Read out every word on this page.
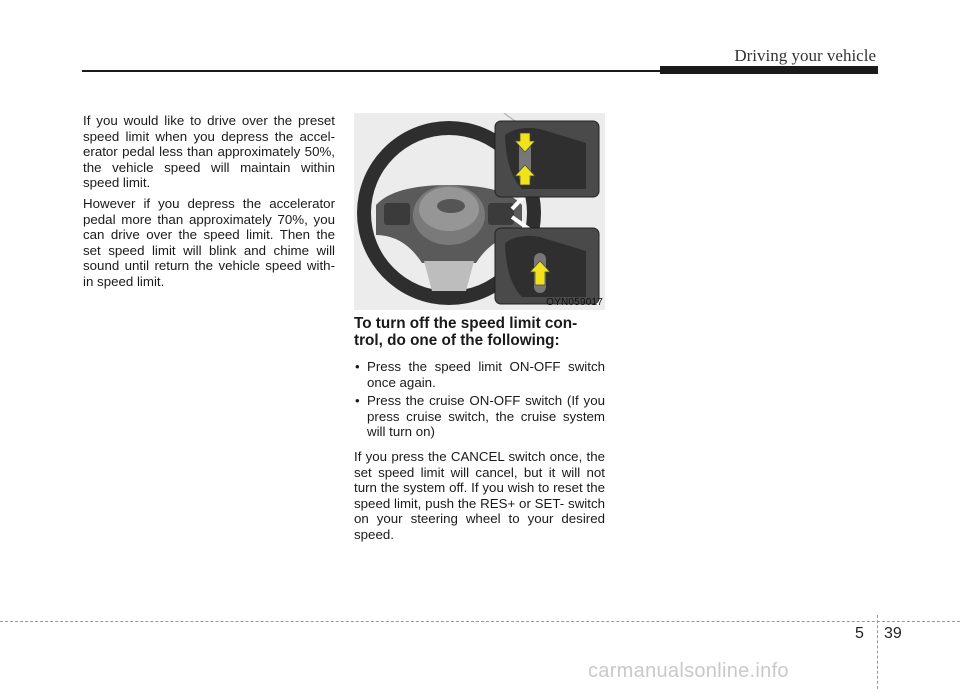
Driving your vehicle

If you would like to drive over the preset speed limit when you depress the accel-erator pedal less than approximately 50%, the vehicle speed will maintain within speed limit.

However if you depress the accelerator pedal more than approximately 70%, you can drive over the speed limit. Then the set speed limit will blink and chime will sound until return the vehicle speed with-in speed limit.

OYN059017
To turn off the speed limit con-trol, do one of the following:
• Press the speed limit ON-OFF switch once again.
• Press the cruise ON-OFF switch (If you press cruise switch, the cruise system will turn on)

If you press the CANCEL switch once, the set speed limit will cancel, but it will not turn the system off. If you wish to reset the speed limit, push the RES+ or SET- switch on your steering wheel to your desired speed.

5 39
carmanualsonline.info
